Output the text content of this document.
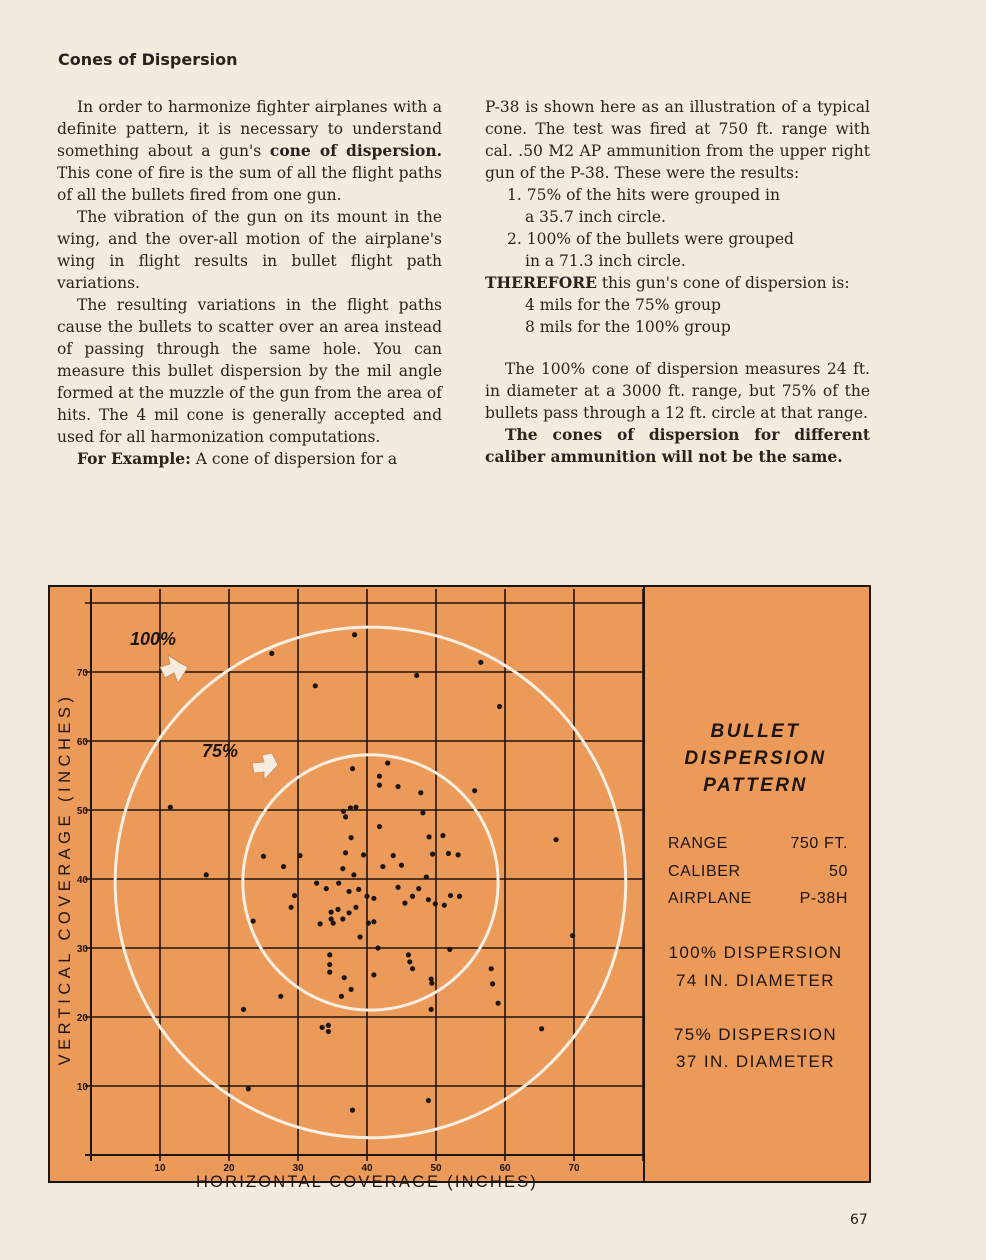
Cones of Dispersion

In order to harmonize fighter airplanes with a definite pattern, it is necessary to understand something about a gun's cone of dispersion. This cone of fire is the sum of all the flight paths of all the bullets fired from one gun.

The vibration of the gun on its mount in the wing, and the over-all motion of the airplane's wing in flight results in bullet flight path variations.

The resulting variations in the flight paths cause the bullets to scatter over an area instead of passing through the same hole. You can measure this bullet dispersion by the mil angle formed at the muzzle of the gun from the area of hits. The 4 mil cone is generally accepted and used for all harmonization computations.

For Example: A cone of dispersion for a

P-38 is shown here as an illustration of a typical cone. The test was fired at 750 ft. range with cal. .50 M2 AP ammunition from the upper right gun of the P-38. These were the results:

1. 75% of the hits were grouped in
a 35.7 inch circle.
2. 100% of the bullets were grouped
in a 71.3 inch circle.

THEREFORE this gun's cone of dispersion is:

4 mils for the 75% group
8 mils for the 100% group

The 100% cone of dispersion measures 24 ft. in diameter at a 3000 ft. range, but 75% of the bullets pass through a 12 ft. circle at that range.

The cones of dispersion for different caliber ammunition will not be the same.

10	20	30	40	50	60	70
10
20
30
40
50
60
70
HORIZONTAL COVERAGE (INCHES)
VERTICAL COVERAGE (INCHES)
100%
75%
BULLET
DISPERSION
PATTERN
RANGE	750 FT.
CALIBER	50
AIRPLANE	P-38H
100% DISPERSION
74 IN. DIAMETER
75% DISPERSION
37 IN. DIAMETER
67
